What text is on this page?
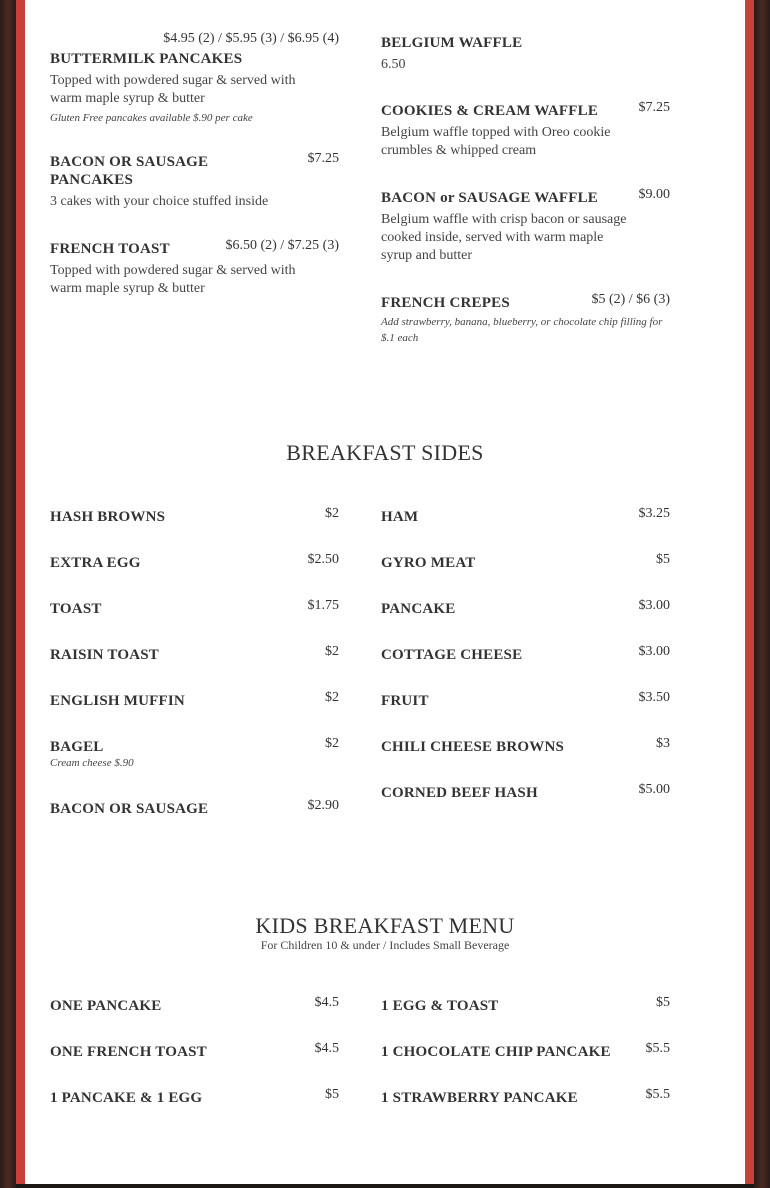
$4.95 (2) / $5.95 (3) / $6.95 (4)
BUTTERMILK PANCAKES
Topped with powdered sugar & served with warm maple syrup & butter
Gluten Free pancakes available $.90 per cake
$7.25
BACON OR SAUSAGE PANCAKES
3 cakes with your choice stuffed inside
$6.50 (2) / $7.25 (3)
FRENCH TOAST
Topped with powdered sugar & served with warm maple syrup & butter
BELGIUM WAFFLE
6.50
$7.25
COOKIES & CREAM WAFFLE
Belgium waffle topped with Oreo cookie crumbles & whipped cream
$9.00
BACON or SAUSAGE WAFFLE
Belgium waffle with crisp bacon or sausage cooked inside, served with warm maple syrup and butter
$5 (2) / $6 (3)
FRENCH CREPES
Add strawberry, banana, blueberry, or chocolate chip filling for $.1 each
BREAKFAST SIDES
$2
HASH BROWNS
$2.50
EXTRA EGG
$1.75
TOAST
$2
RAISIN TOAST
$2
ENGLISH MUFFIN
$2
BAGEL
Cream cheese $.90
$2.90
BACON OR SAUSAGE
$3.25
HAM
$5
GYRO MEAT
$3.00
PANCAKE
$3.00
COTTAGE CHEESE
$3.50
FRUIT
$3
CHILI CHEESE BROWNS
$5.00
CORNED BEEF HASH
KIDS BREAKFAST MENU
For Children 10 & under / Includes Small Beverage
$4.5
ONE PANCAKE
$4.5
ONE FRENCH TOAST
$5
1 PANCAKE & 1 EGG
$5
1 EGG & TOAST
$5.5
1 CHOCOLATE CHIP PANCAKE
$5.5
1 STRAWBERRY PANCAKE
